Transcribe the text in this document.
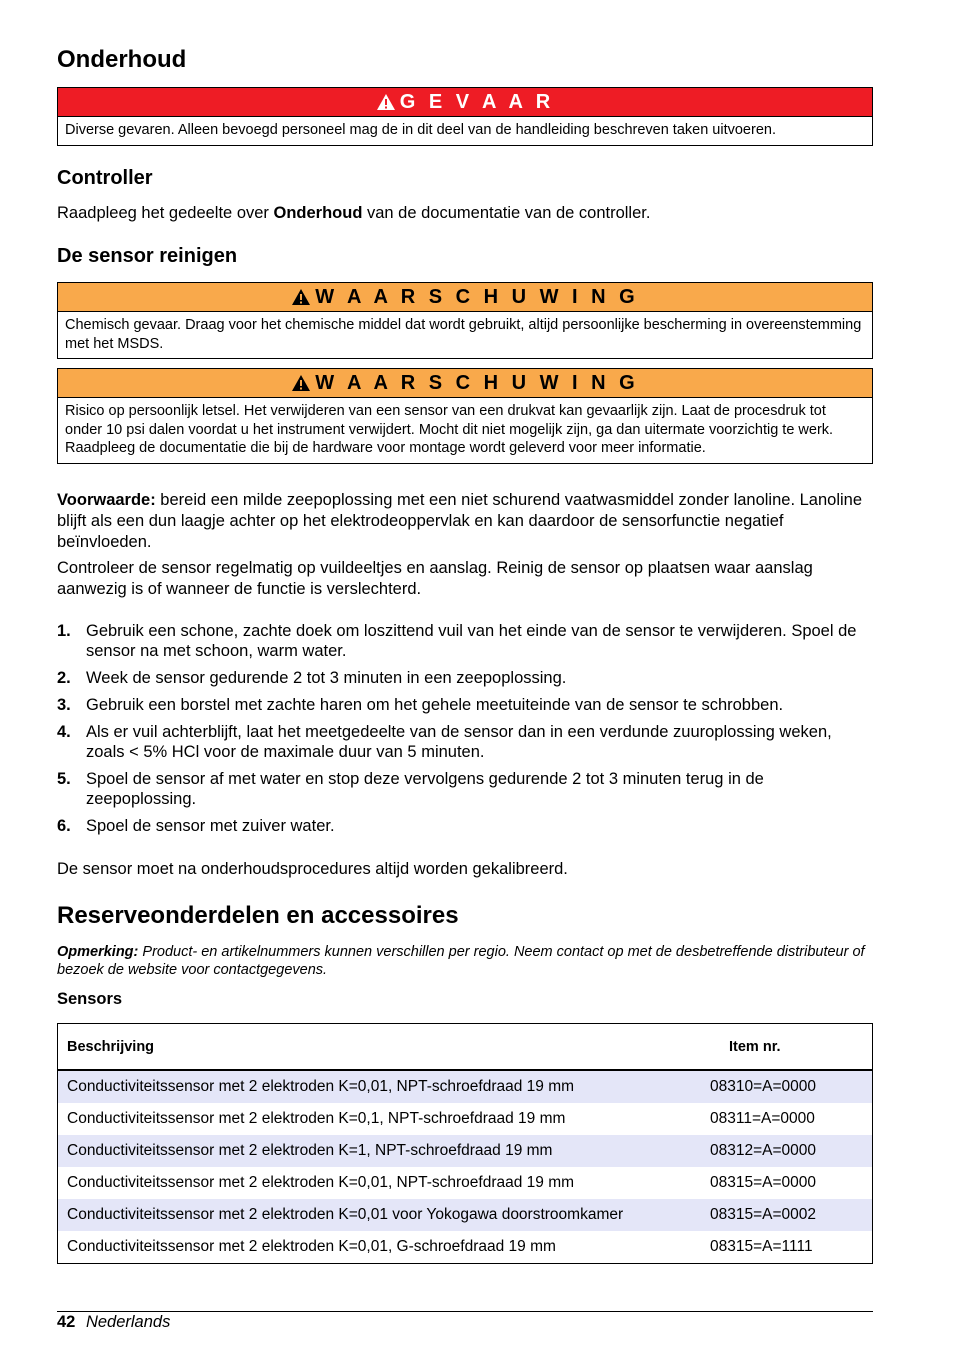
Onderhoud
G E V A A R
Diverse gevaren. Alleen bevoegd personeel mag de in dit deel van de handleiding beschreven taken uitvoeren.
Controller
Raadpleeg het gedeelte over Onderhoud van de documentatie van de controller.
De sensor reinigen
W A A R S C H U W I N G
Chemisch gevaar. Draag voor het chemische middel dat wordt gebruikt, altijd persoonlijke bescherming in overeenstemming met het MSDS.
W A A R S C H U W I N G
Risico op persoonlijk letsel. Het verwijderen van een sensor van een drukvat kan gevaarlijk zijn. Laat de procesdruk tot onder 10 psi dalen voordat u het instrument verwijdert. Mocht dit niet mogelijk zijn, ga dan uitermate voorzichtig te werk. Raadpleeg de documentatie die bij de hardware voor montage wordt geleverd voor meer informatie.
Voorwaarde: bereid een milde zeepoplossing met een niet schurend vaatwasmiddel zonder lanoline. Lanoline blijft als een dun laagje achter op het elektrodeoppervlak en kan daardoor de sensorfunctie negatief beïnvloeden.
Controleer de sensor regelmatig op vuildeeltjes en aanslag. Reinig de sensor op plaatsen waar aanslag aanwezig is of wanneer de functie is verslechterd.
1. Gebruik een schone, zachte doek om loszittend vuil van het einde van de sensor te verwijderen. Spoel de sensor na met schoon, warm water.
2. Week de sensor gedurende 2 tot 3 minuten in een zeepoplossing.
3. Gebruik een borstel met zachte haren om het gehele meetuiteinde van de sensor te schrobben.
4. Als er vuil achterblijft, laat het meetgedeelte van de sensor dan in een verdunde zuuroplossing weken, zoals < 5% HCl voor de maximale duur van 5 minuten.
5. Spoel de sensor af met water en stop deze vervolgens gedurende 2 tot 3 minuten terug in de zeepoplossing.
6. Spoel de sensor met zuiver water.
De sensor moet na onderhoudsprocedures altijd worden gekalibreerd.
Reserveonderdelen en accessoires
Opmerking: Product- en artikelnummers kunnen verschillen per regio. Neem contact op met de desbetreffende distributeur of bezoek de website voor contactgegevens.
Sensors
Beschrijving	Item nr.
Conductiviteitssensor met 2 elektroden K=0,01, NPT-schroefdraad 19 mm	08310=A=0000
Conductiviteitssensor met 2 elektroden K=0,1, NPT-schroefdraad 19 mm	08311=A=0000
Conductiviteitssensor met 2 elektroden K=1, NPT-schroefdraad 19 mm	08312=A=0000
Conductiviteitssensor met 2 elektroden K=0,01, NPT-schroefdraad 19 mm	08315=A=0000
Conductiviteitssensor met 2 elektroden K=0,01 voor Yokogawa doorstroomkamer	08315=A=0002
Conductiviteitssensor met 2 elektroden K=0,01, G-schroefdraad 19 mm	08315=A=1111
42 Nederlands
